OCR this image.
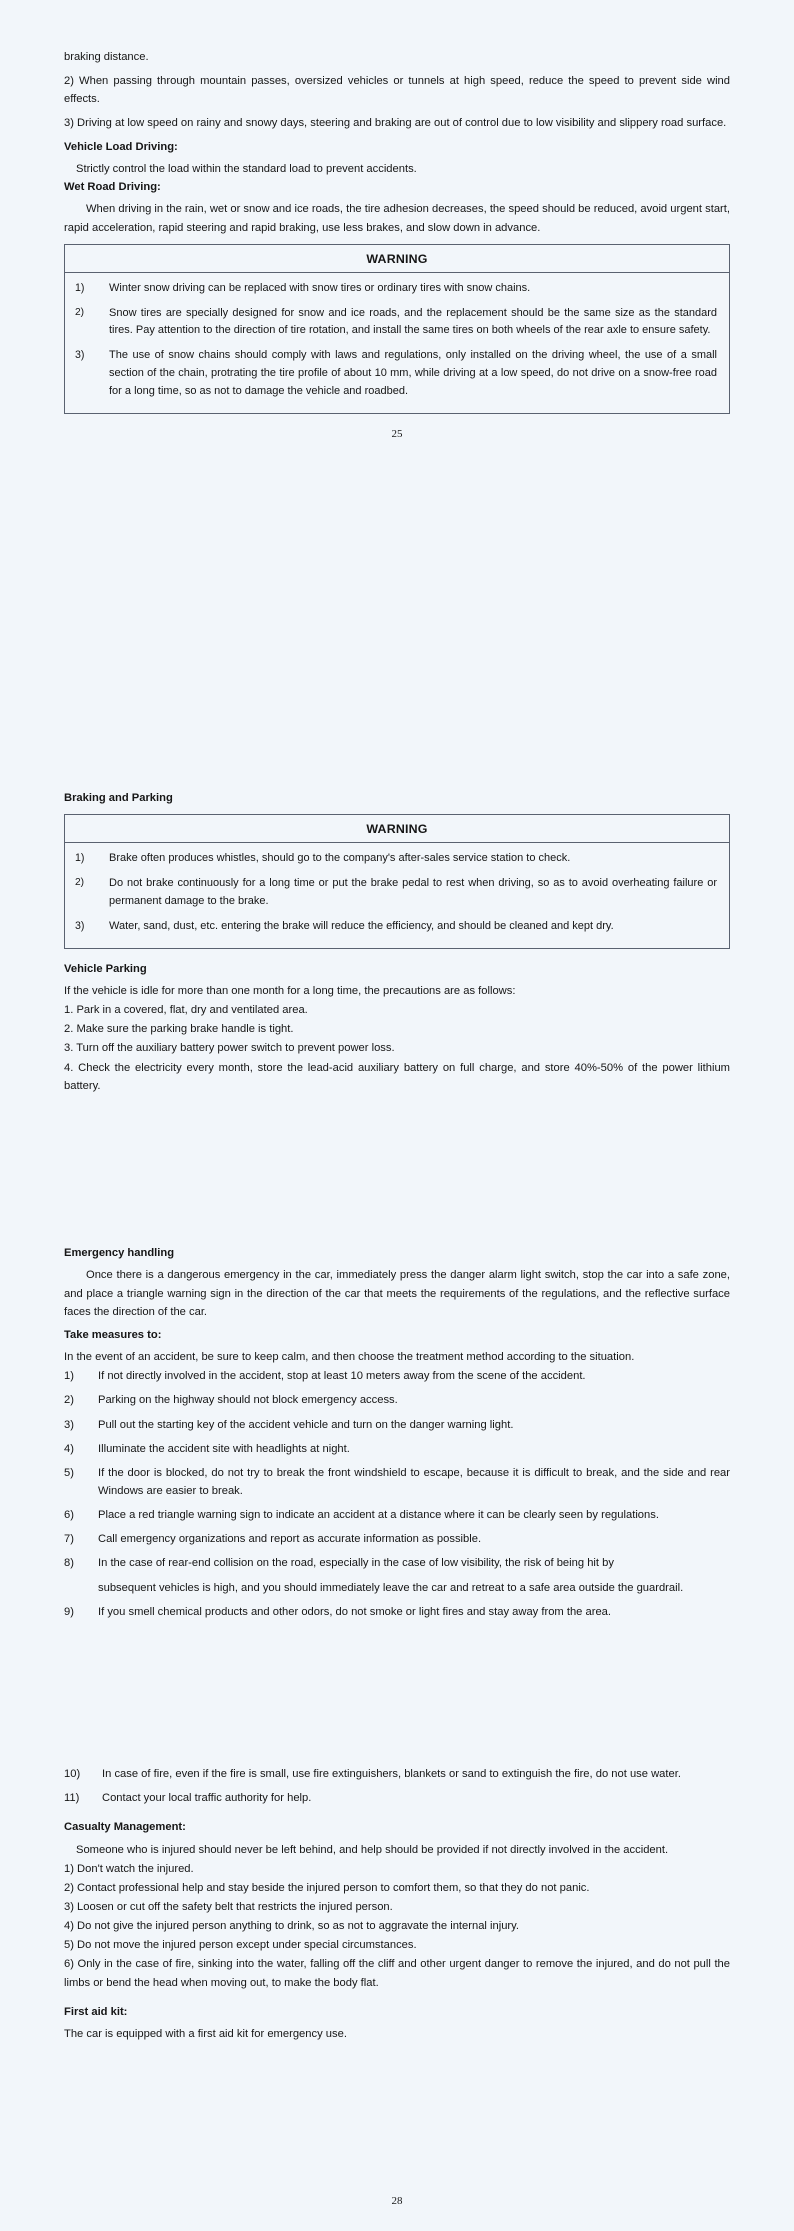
braking distance.

2) When passing through mountain passes, oversized vehicles or tunnels at high speed, reduce the speed to prevent side wind effects.

3) Driving at low speed on rainy and snowy days, steering and braking are out of control due to low visibility and slippery road surface.

Vehicle Load Driving:

Strictly control the load within the standard load to prevent accidents.

Wet Road Driving:

When driving in the rain, wet or snow and ice roads, the tire adhesion decreases, the speed should be reduced, avoid urgent start, rapid acceleration, rapid steering and rapid braking, use less brakes, and slow down in advance.

WARNING
1)	Winter snow driving can be replaced with snow tires or ordinary tires with snow chains.
2)	Snow tires are specially designed for snow and ice roads, and the replacement should be the same size as the standard tires. Pay attention to the direction of tire rotation, and install the same tires on both wheels of the rear axle to ensure safety.
3)	The use of snow chains should comply with laws and regulations, only installed on the driving wheel, the use of a small section of the chain, protrating the tire profile of about 10 mm, while driving at a low speed, do not drive on a snow-free road for a long time, so as not to damage the vehicle and roadbed.
25

Braking and Parking

WARNING
1)	Brake often produces whistles, should go to the company's after-sales service station to check.
2)	Do not brake continuously for a long time or put the brake pedal to rest when driving, so as to avoid overheating failure or permanent damage to the brake.
3)	Water, sand, dust, etc. entering the brake will reduce the efficiency, and should be cleaned and kept dry.

Vehicle Parking

If the vehicle is idle for more than one month for a long time, the precautions are as follows:

1. Park in a covered, flat, dry and ventilated area.

2. Make sure the parking brake handle is tight.

3. Turn off the auxiliary battery power switch to prevent power loss.

4. Check the electricity every month, store the lead-acid auxiliary battery on full charge, and store 40%-50% of the power lithium battery.

Emergency handling

Once there is a dangerous emergency in the car, immediately press the danger alarm light switch, stop the car into a safe zone, and place a triangle warning sign in the direction of the car that meets the requirements of the regulations, and the reflective surface faces the direction of the car.

Take measures to:

In the event of an accident, be sure to keep calm, and then choose the treatment method according to the situation.

1)	If not directly involved in the accident, stop at least 10 meters away from the scene of the accident.
2)	Parking on the highway should not block emergency access.
3)	Pull out the starting key of the accident vehicle and turn on the danger warning light.
4)	Illuminate the accident site with headlights at night.
5)	If the door is blocked, do not try to break the front windshield to escape, because it is difficult to break, and the side and rear Windows are easier to break.
6)	Place a red triangle warning sign to indicate an accident at a distance where it can be clearly seen by regulations.
7)	Call emergency organizations and report as accurate information as possible.
8)	In the case of rear-end collision on the road, especially in the case of low visibility, the risk of being hit by
subsequent vehicles is high, and you should immediately leave the car and retreat to a safe area outside the guardrail.
9)	If you smell chemical products and other odors, do not smoke or light fires and stay away from the area.
10)	In case of fire, even if the fire is small, use fire extinguishers, blankets or sand to extinguish the fire, do not use water.
11)	Contact your local traffic authority for help.

Casualty Management:

Someone who is injured should never be left behind, and help should be provided if not directly involved in the accident.

1) Don't watch the injured.

2) Contact professional help and stay beside the injured person to comfort them, so that they do not panic.

3) Loosen or cut off the safety belt that restricts the injured person.

4) Do not give the injured person anything to drink, so as not to aggravate the internal injury.

5) Do not move the injured person except under special circumstances.

6) Only in the case of fire, sinking into the water, falling off the cliff and other urgent danger to remove the injured, and do not pull the limbs or bend the head when moving out, to make the body flat.

First aid kit:

The car is equipped with a first aid kit for emergency use.

28
